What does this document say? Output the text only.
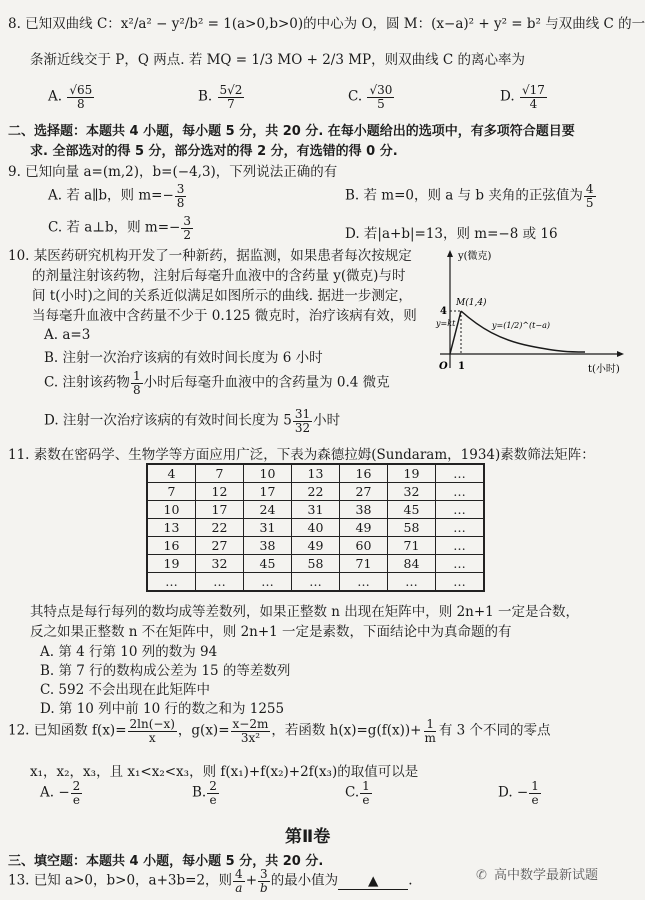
8. 已知双曲线 C：x²/a² − y²/b² = 1(a>0,b>0)的中心为 O，圆 M：(x−a)² + y² = b² 与双曲线 C 的一
条渐近线交于 P，Q 两点. 若 MQ = 1/3 MO + 2/3 MP，则双曲线 C 的离心率为
A. $\frac{√65}{8}$	B. $\frac{5√2}{7}$	C. $\frac{√30}{5}$	D. $\frac{√17}{4}$
二、选择题：本题共 4 小题，每小题 5 分，共 20 分. 在每小题给出的选项中，有多项符合题目要
求. 全部选对的得 5 分，部分选对的得 2 分，有选错的得 0 分.
9. 已知向量 a=(m,2)，b=(−4,3)，下列说法正确的有
A. 若 a∥b，则 $m=- \frac{3}{8}$	B. 若 m=0，则 a 与 b 夹角的正弦值为 $\frac{4}{5}$
C. 若 a⊥b，则 $m=- \frac{3}{2}$	D. 若|a+b|=13，则 m=−8 或 16
10. 某医药研究机构开发了一种新药，据监测，如果患者每次按规定
的剂量注射该药物，注射后每毫升血液中的含药量 y(微克)与时
间 t(小时)之间的关系近似满足如图所示的曲线. 据进一步测定，
当每毫升血液中含药量不少于 0.125 微克时，治疗该病有效，则
A. a=3
B. 注射一次治疗该病的有效时间长度为 6 小时
C. 注射该药物 $\frac{1}{8}$ 小时后每毫升血液中的含药量为 0.4 微克
D. 注射一次治疗该病的有效时间长度为 $5 \frac{31}{32}$ 小时
y(微克)
t(小时)
O 1
4
M(1,4)
y=kt	y=(1/2)^(t−a)
11. 素数在密码学、生物学等方面应用广泛，下表为森德拉姆(Sundaram，1934)素数筛法矩阵：
4	7	10	13	16	19	…
7	12	17	22	27	32	…
10	17	24	31	38	45	…
13	22	31	40	49	58	…
16	27	38	49	60	71	…
19	32	45	58	71	84	…
…	…	…	…	…	…	…
其特点是每行每列的数均成等差数列，如果正整数 n 出现在矩阵中，则 2n+1 一定是合数，
反之如果正整数 n 不在矩阵中，则 2n+1 一定是素数，下面结论中为真命题的有
A. 第 4 行第 10 列的数为 94
B. 第 7 行的数构成公差为 15 的等差数列
C. 592 不会出现在此矩阵中
D. 第 10 列中前 10 行的数之和为 1255
12. 已知函数 $f(x)= \frac{2\ln(-x)}{x}$ ，$g(x)= \frac{x-2m}{\text{3x²}}$ ，若函数 $h(x)=g(f(x))+ \frac{1}{m}$ 有 3 个不同的零点
x₁，x₂，x₃，且 x₁<x₂<x₃，则 f(x₁)+f(x₂)+2f(x₃)的取值可以是
A. − $\frac{2}{e}$	B. $\frac{2}{e}$	C. $\frac{1}{e}$	D. − $\frac{1}{e}$
第Ⅱ卷
三、填空题：本题共 4 小题，每小题 5 分，共 20 分.
13. 已知 a>0，b>0，a+3b=2，则 $\frac{4}{a} + \frac{3}{b}$ 的最小值为 ▲ .	✆ 高中数学最新试题
